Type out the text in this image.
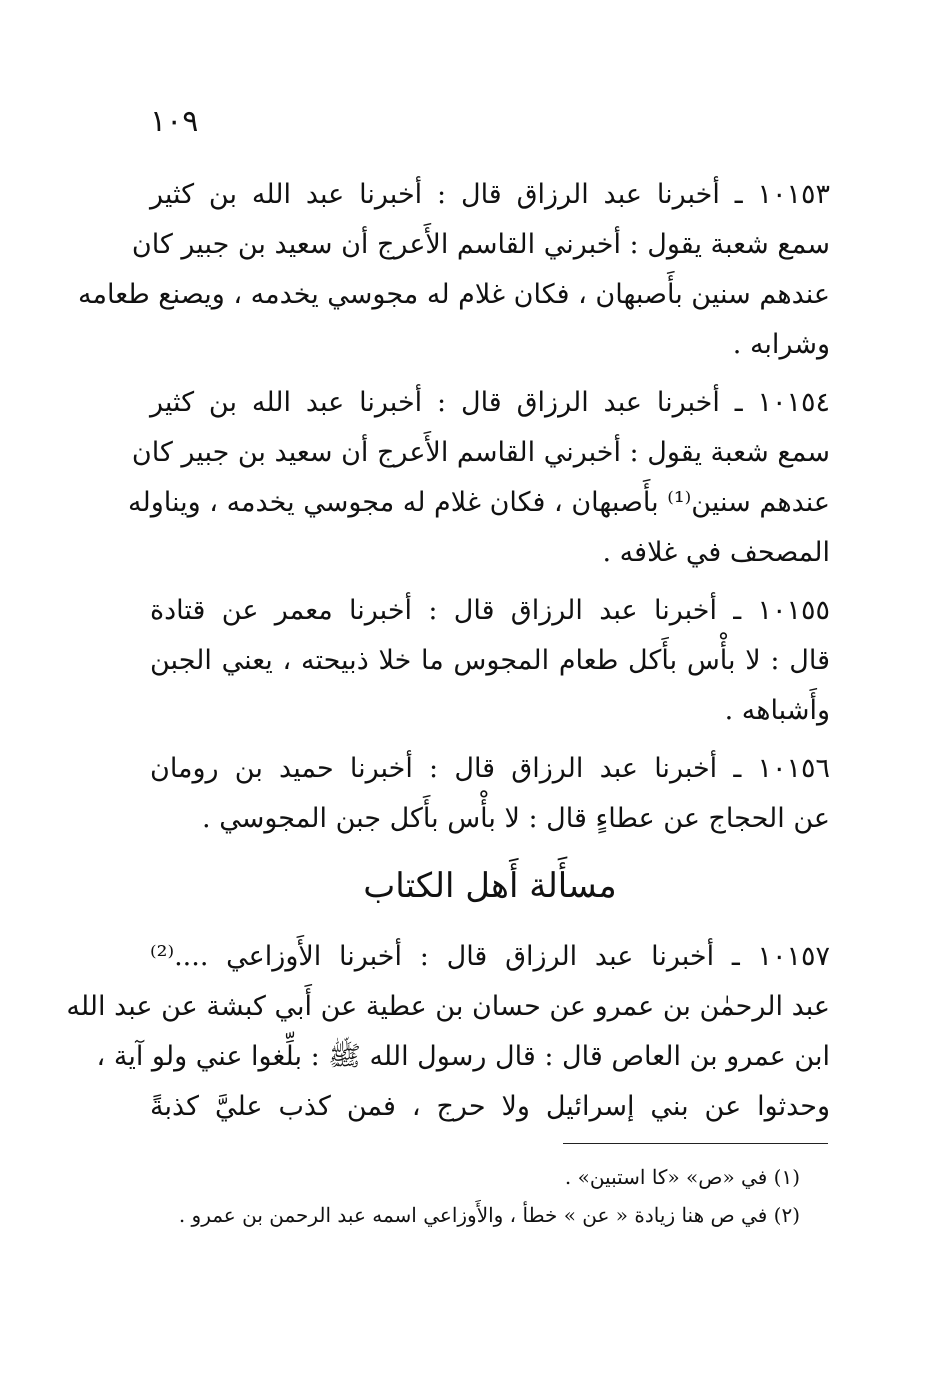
١٠٩
١٠١٥٣ ـ أخبرنا عبد الرزاق قال : أخبرنا عبد الله بن كثير
سمع شعبة يقول : أخبرني القاسم الأَعرج أن سعيد بن جبير كان
عندهم سنين بأَصبهان ، فكان غلام له مجوسي يخدمه ، ويصنع طعامه
وشرابه .
١٠١٥٤ ـ أخبرنا عبد الرزاق قال : أخبرنا عبد الله بن كثير
سمع شعبة يقول : أخبرني القاسم الأَعرج أن سعيد بن جبير كان
عندهم سنين⁽¹⁾ بأَصبهان ، فكان غلام له مجوسي يخدمه ، ويناوله
المصحف في غلافه .
١٠١٥٥ ـ أخبرنا عبد الرزاق قال : أخبرنا معمر عن قتادة
قال : لا بأْس بأَكل طعام المجوس ما خلا ذبيحته ، يعني الجبن
وأَشباهه .
١٠١٥٦ ـ أخبرنا عبد الرزاق قال : أخبرنا حميد بن رومان
عن الحجاج عن عطاءٍ قال : لا بأْس بأَكل جبن المجوسي .
مسأَلة أَهل الكتاب
١٠١٥٧ ـ أخبرنا عبد الرزاق قال : أخبرنا الأَوزاعي ....⁽²⁾
عبد الرحمٰن بن عمرو عن حسان بن عطية عن أَبي كبشة عن عبد الله
ابن عمرو بن العاص قال : قال رسول الله ﷺ : بلِّغوا عني ولو آية ،
وحدثوا عن بني إسرائيل ولا حرج ، فمن كذب عليَّ كذبةً
(١) في «ص» «كا استبين» .
(٢) في ص هنا زيادة « عن » خطأ ، والأَوزاعي اسمه عبد الرحمن بن عمرو .
